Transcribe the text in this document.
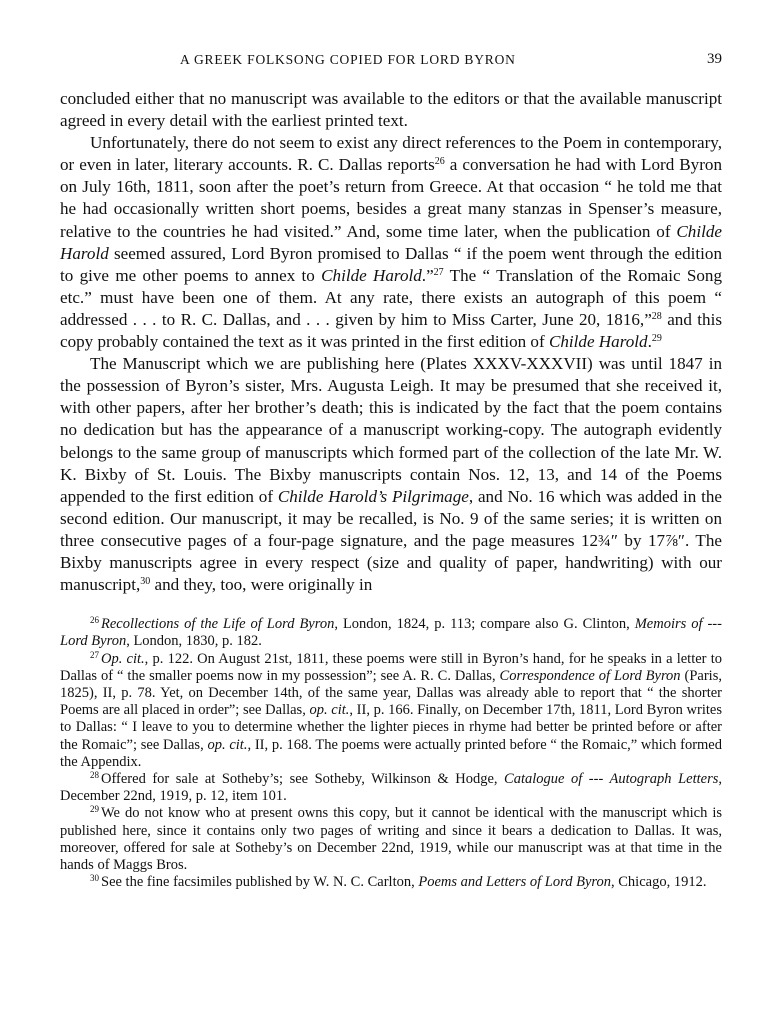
A GREEK FOLKSONG COPIED FOR LORD BYRON	39

concluded either that no manuscript was available to the editors or that the available manuscript agreed in every detail with the earliest printed text.

Unfortunately, there do not seem to exist any direct references to the Poem in contemporary, or even in later, literary accounts. R. C. Dallas reports$^{26}$ a conversation he had with Lord Byron on July 16th, 1811, soon after the poet’s return from Greece. At that occasion “ he told me that he had occasionally written short poems, besides a great many stanzas in Spenser’s measure, relative to the countries he had visited.” And, some time later, when the publication of Childe Harold seemed assured, Lord Byron promised to Dallas “ if the poem went through the edition to give me other poems to annex to Childe Harold.”$^{27}$ The “ Translation of the Romaic Song etc.” must have been one of them. At any rate, there exists an autograph of this poem “ addressed . . . to R. C. Dallas, and . . . given by him to Miss Carter, June 20, 1816,”$^{28}$ and this copy probably contained the text as it was printed in the first edition of Childe Harold.$^{29}$

The Manuscript which we are publishing here (Plates XXXV-XXXVII) was until 1847 in the possession of Byron’s sister, Mrs. Augusta Leigh. It may be presumed that she received it, with other papers, after her brother’s death; this is indicated by the fact that the poem contains no dedication but has the appearance of a manuscript working-copy. The autograph evidently belongs to the same group of manuscripts which formed part of the collection of the late Mr. W. K. Bixby of St. Louis. The Bixby manuscripts contain Nos. 12, 13, and 14 of the Poems appended to the first edition of Childe Harold’s Pilgrimage, and No. 16 which was added in the second edition. Our manuscript, it may be recalled, is No. 9 of the same series; it is written on three consecutive pages of a four-page signature, and the page measures 12¾″ by 17⅞″. The Bixby manuscripts agree in every respect (size and quality of paper, handwriting) with our manuscript,$^{30}$ and they, too, were originally in

$^{26}$ Recollections of the Life of Lord Byron, London, 1824, p. 113; compare also G. Clinton, Memoirs of --- Lord Byron, London, 1830, p. 182.

$^{27}$ Op. cit., p. 122. On August 21st, 1811, these poems were still in Byron’s hand, for he speaks in a letter to Dallas of “ the smaller poems now in my possession”; see A. R. C. Dallas, Correspondence of Lord Byron (Paris, 1825), II, p. 78. Yet, on December 14th, of the same year, Dallas was already able to report that “ the shorter Poems are all placed in order”; see Dallas, op. cit., II, p. 166. Finally, on December 17th, 1811, Lord Byron writes to Dallas: “ I leave to you to determine whether the lighter pieces in rhyme had better be printed before or after the Romaic”; see Dallas, op. cit., II, p. 168. The poems were actually printed before “ the Romaic,” which formed the Appendix.

$^{28}$ Offered for sale at Sotheby’s; see Sotheby, Wilkinson & Hodge, Catalogue of --- Autograph Letters, December 22nd, 1919, p. 12, item 101.

$^{29}$ We do not know who at present owns this copy, but it cannot be identical with the manuscript which is published here, since it contains only two pages of writing and since it bears a dedication to Dallas. It was, moreover, offered for sale at Sotheby’s on December 22nd, 1919, while our manuscript was at that time in the hands of Maggs Bros.

$^{30}$ See the fine facsimiles published by W. N. C. Carlton, Poems and Letters of Lord Byron, Chicago, 1912.
